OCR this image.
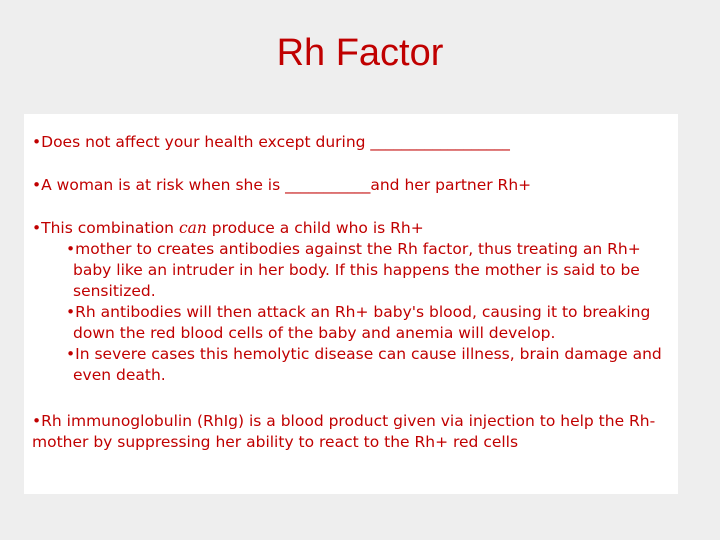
Rh Factor

•Does not affect your health except during __________________

•A woman is at risk when she is ___________and her partner Rh+

•This combination can produce a child who is Rh+
•mother to creates antibodies against the Rh factor, thus treating an Rh+ baby like an intruder in her body. If this happens the mother is said to be sensitized.
•Rh antibodies will then attack an Rh+ baby's blood, causing it to breaking down the red blood cells of the baby and anemia will develop.
•In severe cases this hemolytic disease can cause illness, brain damage and even death.

•Rh immunoglobulin (RhIg) is a blood product given via injection to help the Rh- mother by suppressing her ability to react to the Rh+ red cells
